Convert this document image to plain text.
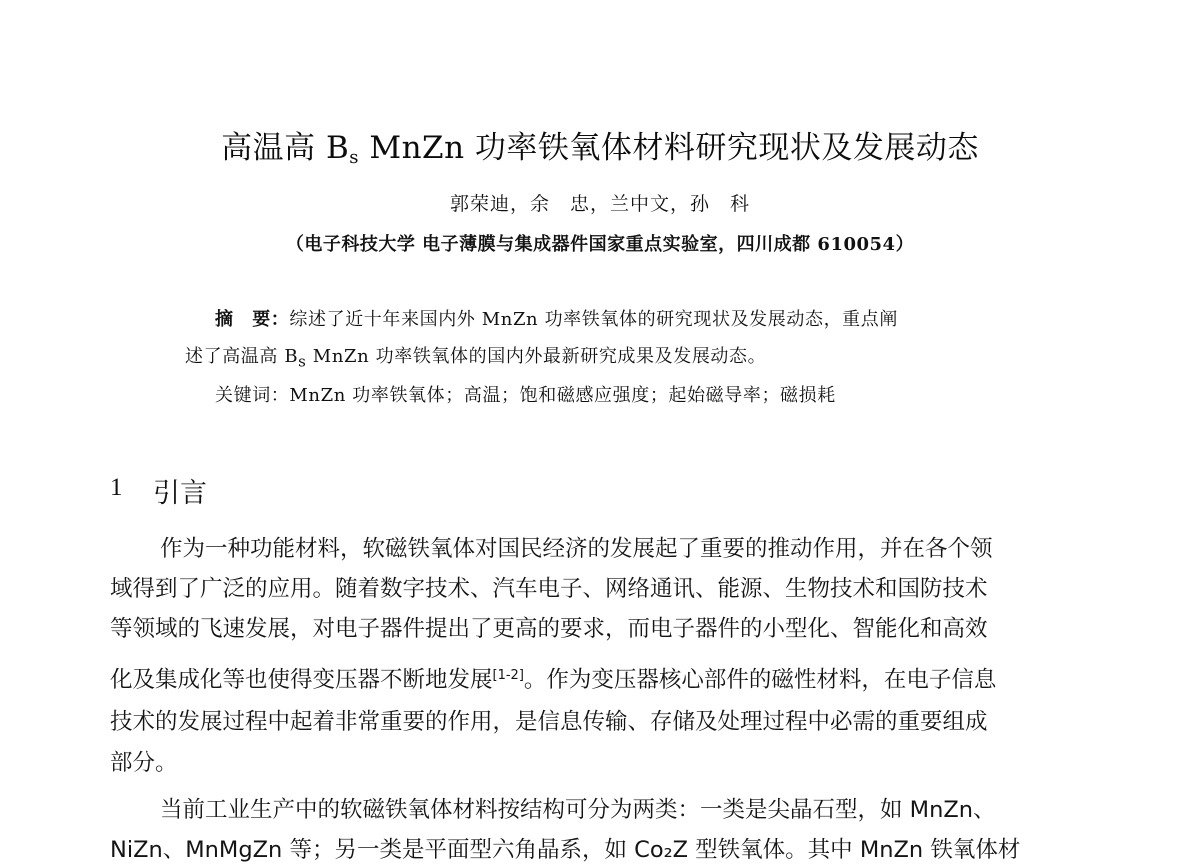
高温高 $B_s$ MnZn 功率铁氧体材料研究现状及发展动态
郭荣迪，余　忠，兰中文，孙　科
（电子科技大学 电子薄膜与集成器件国家重点实验室，四川成都 610054）
摘　要：综述了近十年来国内外 MnZn 功率铁氧体的研究现状及发展动态，重点阐
述了高温高 $B_s$ MnZn 功率铁氧体的国内外最新研究成果及发展动态。
关键词：MnZn 功率铁氧体；高温；饱和磁感应强度；起始磁导率；磁损耗
1 引言
作为一种功能材料，软磁铁氧体对国民经济的发展起了重要的推动作用，并在各个领
域得到了广泛的应用。随着数字技术、汽车电子、网络通讯、能源、生物技术和国防技术
等领域的飞速发展，对电子器件提出了更高的要求，而电子器件的小型化、智能化和高效
化及集成化等也使得变压器不断地发展[1-2]。作为变压器核心部件的磁性材料，在电子信息
技术的发展过程中起着非常重要的作用，是信息传输、存储及处理过程中必需的重要组成
部分。
当前工业生产中的软磁铁氧体材料按结构可分为两类：一类是尖晶石型，如 MnZn、
NiZn、MnMgZn 等；另一类是平面型六角晶系，如 Co₂Z 型铁氧体。其中 MnZn 铁氧体材
